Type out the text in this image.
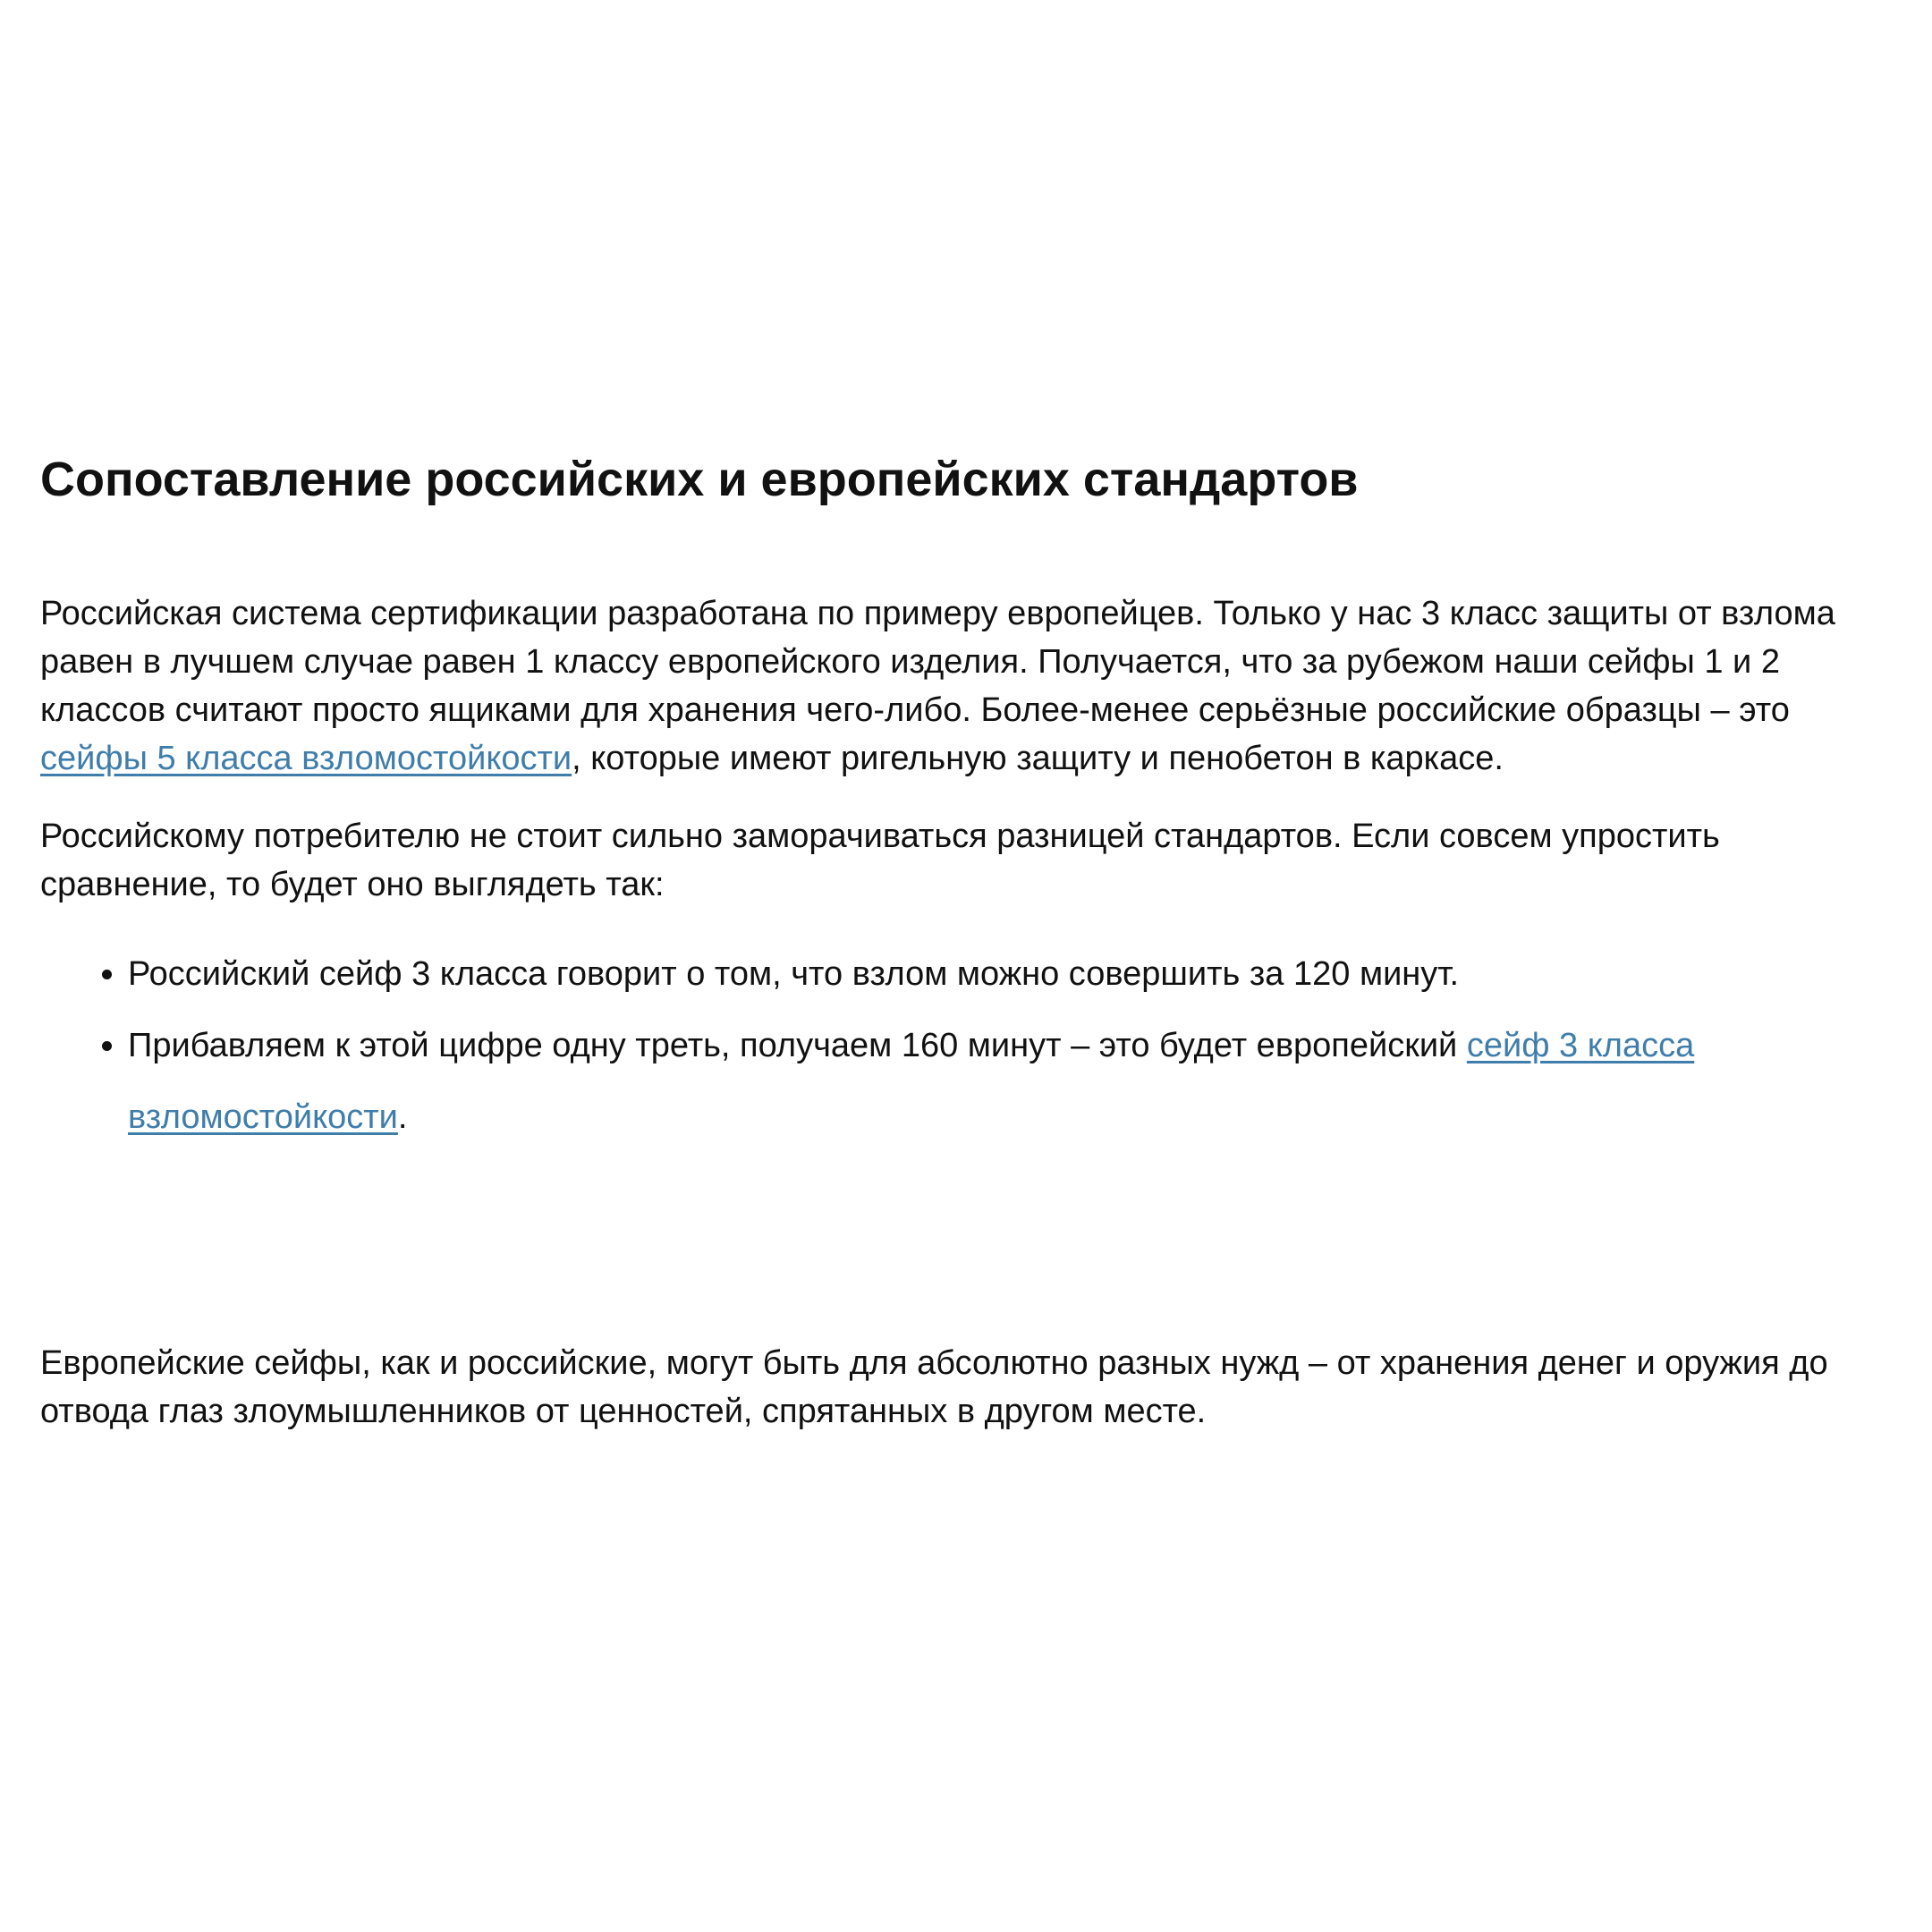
Сопоставление российских и европейских стандартов

Российская система сертификации разработана по примеру европейцев. Только у нас 3 класс защиты от взлома равен в лучшем случае равен 1 классу европейского изделия. Получается, что за рубежом наши сейфы 1 и 2 классов считают просто ящиками для хранения чего-либо. Более-менее серьёзные российские образцы – это сейфы 5 класса взломостойкости, которые имеют ригельную защиту и пенобетон в каркасе.

Российскому потребителю не стоит сильно заморачиваться разницей стандартов. Если совсем упростить сравнение, то будет оно выглядеть так:

• Российский сейф 3 класса говорит о том, что взлом можно совершить за 120 минут.
• Прибавляем к этой цифре одну треть, получаем 160 минут – это будет европейский сейф 3 класса взломостойкости.

Европейские сейфы, как и российские, могут быть для абсолютно разных нужд – от хранения денег и оружия до отвода глаз злоумышленников от ценностей, спрятанных в другом месте.
